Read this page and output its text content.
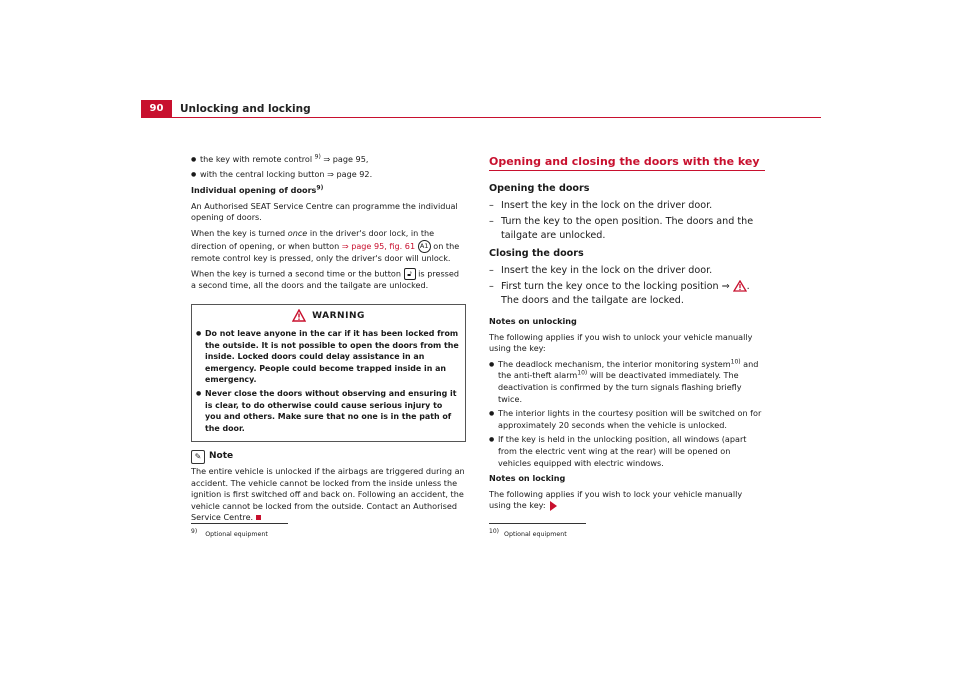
90	Unlocking and locking
● the key with remote control $^{9)}$ ⇒ page 95,
● with the central locking button ⇒ page 92.

Individual opening of doors$^{9)}$

An Authorised SEAT Service Centre can programme the individual opening of doors.

When the key is turned once in the driver's door lock, in the direction of opening, or when button ⇒ page 95, fig. 61 A1 on the remote control key is pressed, only the driver's door will unlock.

When the key is turned a second time or the button 🔓︎ is pressed a second time, all the doors and the tailgate are unlocked.

WARNING
● Do not leave anyone in the car if it has been locked from the outside. It is not possible to open the doors from the inside. Locked doors could delay assistance in an emergency. People could become trapped inside in an emergency.
● Never close the doors without observing and ensuring it is clear, to do otherwise could cause serious injury to you and others. Make sure that no one is in the path of the door.
✎ Note

The entire vehicle is unlocked if the airbags are triggered during an accident. The vehicle cannot be locked from the inside unless the ignition is first switched off and back on. Following an accident, the vehicle cannot be locked from the outside. Contact an Authorised Service Centre.

$^{9)}$ Optional equipment

Opening and closing the doors with the key

Opening the doors

– Insert the key in the lock on the driver door.
– Turn the key to the open position. The doors and the tailgate are unlocked.

Closing the doors

– Insert the key in the lock on the driver door.
– First turn the key once to the locking position ⇒ . The doors and the tailgate are locked.

Notes on unlocking

The following applies if you wish to unlock your vehicle manually using the key:

● The deadlock mechanism, the interior monitoring system$^{10)}$ and the anti-theft alarm$^{10)}$ will be deactivated immediately. The deactivation is confirmed by the turn signals flashing briefly twice.
● The interior lights in the courtesy position will be switched on for approximately 20 seconds when the vehicle is unlocked.
● If the key is held in the unlocking position, all windows (apart from the electric vent wing at the rear) will be opened on vehicles equipped with electric windows.

Notes on locking

The following applies if you wish to lock your vehicle manually using the key:

$^{10)}$ Optional equipment
